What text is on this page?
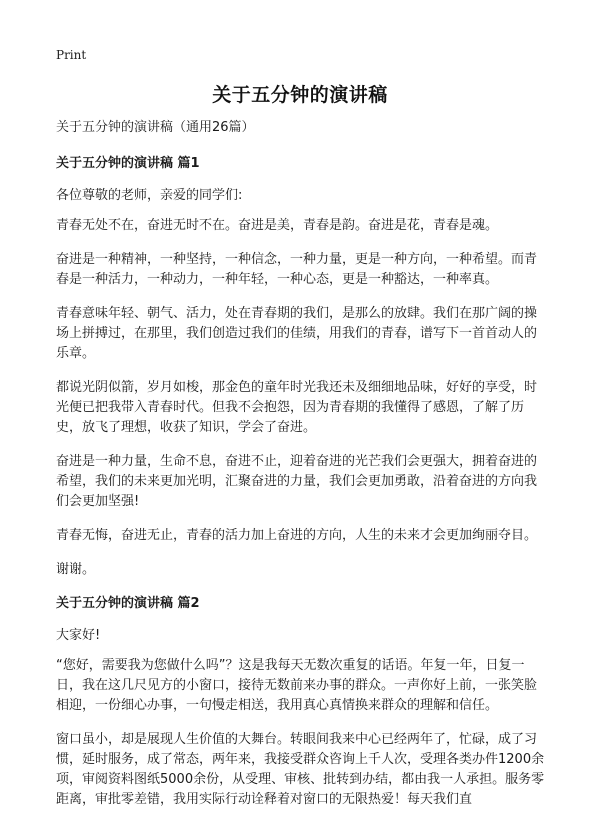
Print
关于五分钟的演讲稿

关于五分钟的演讲稿（通用26篇）

关于五分钟的演讲稿 篇1

各位尊敬的老师，亲爱的同学们:

青春无处不在，奋进无时不在。奋进是美，青春是韵。奋进是花，青春是魂。

奋进是一种精神，一种坚持，一种信念，一种力量，更是一种方向，一种希望。而青春是一种活力，一种动力，一种年轻，一种心态，更是一种豁达，一种率真。

青春意味年轻、朝气、活力，处在青春期的我们，是那么的放肆。我们在那广阔的操场上拼搏过，在那里，我们创造过我们的佳绩，用我们的青春，谱写下一首首动人的乐章。

都说光阴似箭，岁月如梭，那金色的童年时光我还未及细细地品味，好好的享受，时光便已把我带入青春时代。但我不会抱怨，因为青春期的我懂得了感恩，了解了历史，放飞了理想，收获了知识，学会了奋进。

奋进是一种力量，生命不息，奋进不止，迎着奋进的光芒我们会更强大，拥着奋进的希望，我们的未来更加光明，汇聚奋进的力量，我们会更加勇敢，沿着奋进的方向我们会更加坚强!

青春无悔，奋进无止，青春的活力加上奋进的方向，人生的未来才会更加绚丽夺目。

谢谢。

关于五分钟的演讲稿 篇2

大家好!

“您好，需要我为您做什么吗”？这是我每天无数次重复的话语。年复一年，日复一日，我在这几尺见方的小窗口，接待无数前来办事的群众。一声你好上前，一张笑脸相迎，一份细心办事，一句慢走相送，我用真心真情换来群众的理解和信任。

窗口虽小，却是展现人生价值的大舞台。转眼间我来中心已经两年了，忙碌，成了习惯，延时服务，成了常态，两年来，我接受群众咨询上千人次，受理各类办件1200余项，审阅资料图纸5000余份，从受理、审核、批转到办结，都由我一人承担。服务零距离，审批零差错，我用实际行动诠释着对窗口的无限热爱！每天我们直
